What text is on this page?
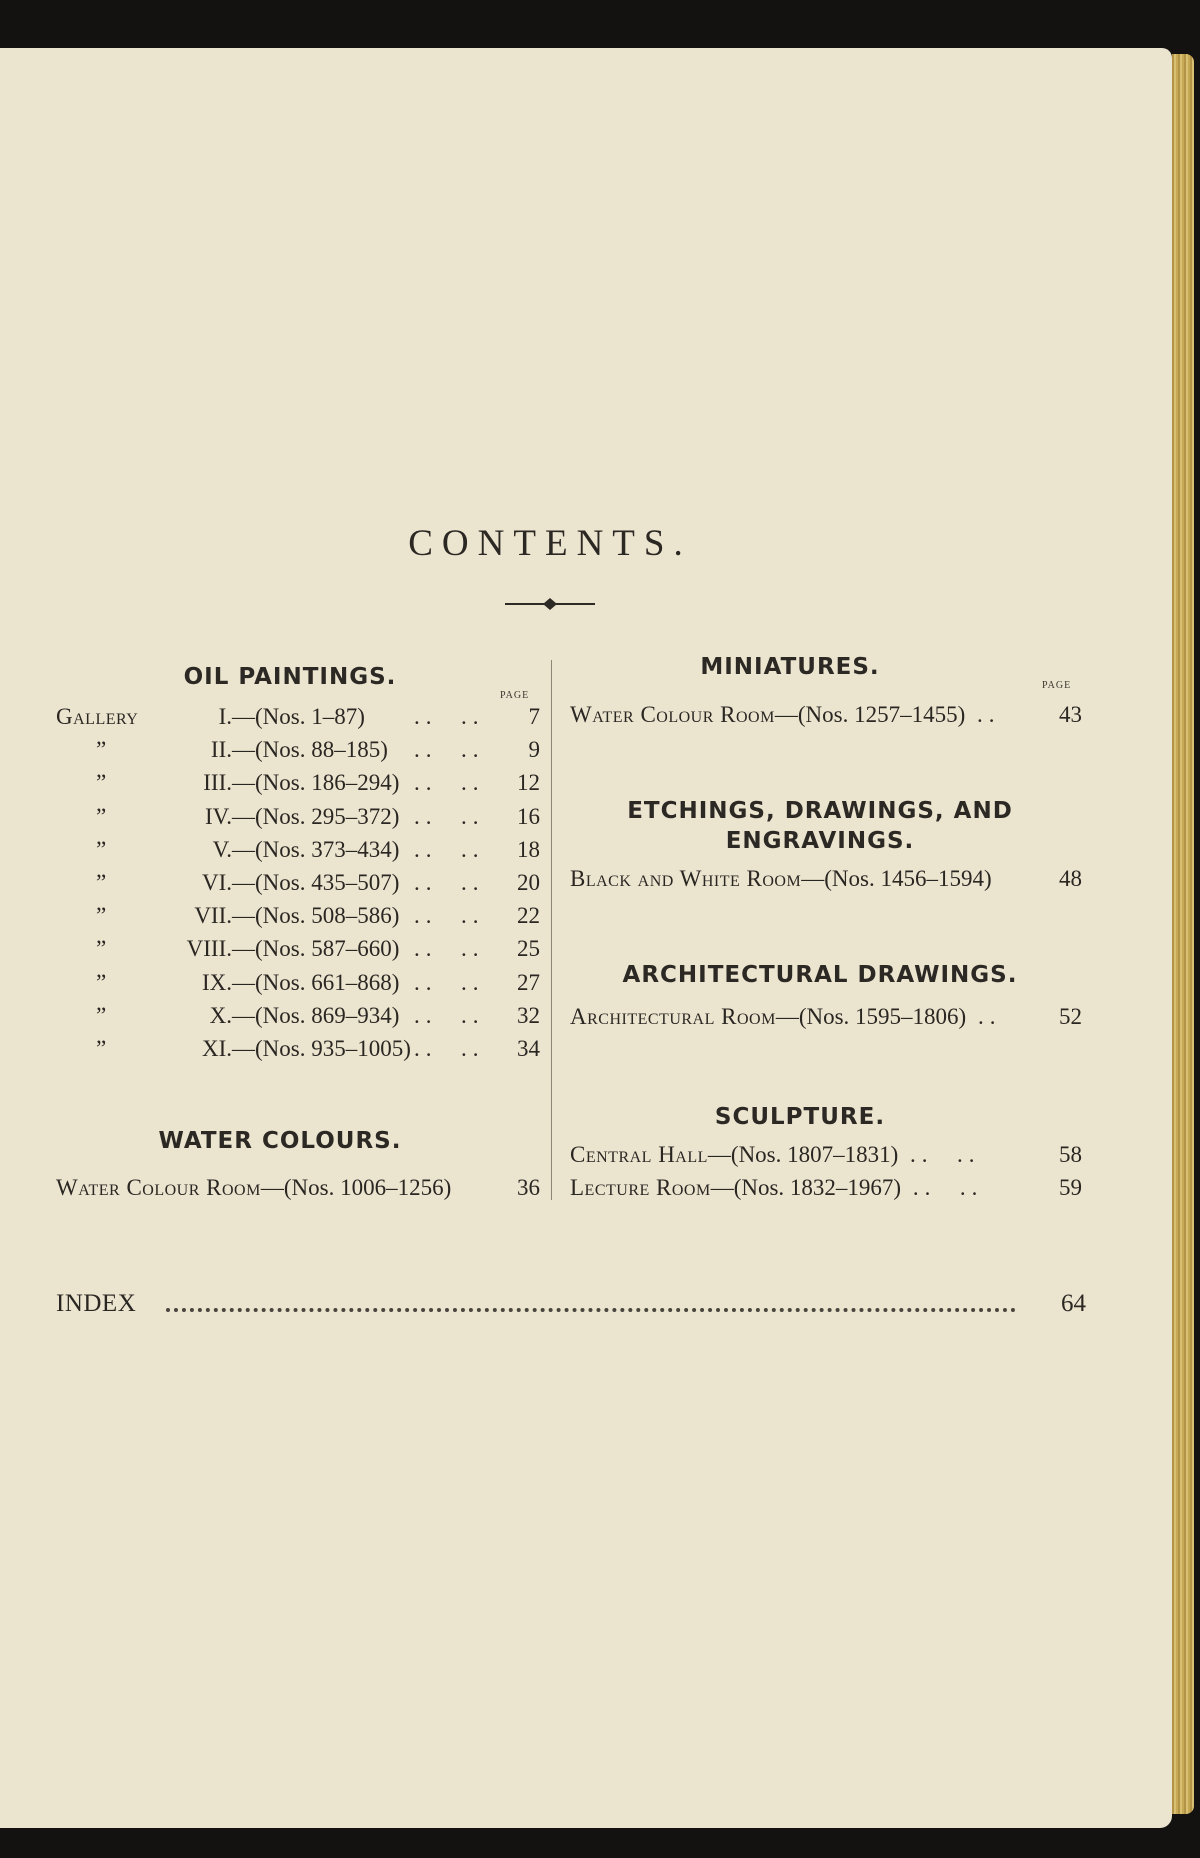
CONTENTS.
OIL PAINTINGS.
PAGE
Gallery	I. —(Nos. 1–87) ..  .. 7
”	II. —(Nos. 88–185) ..  .. 9
”	III. —(Nos. 186–294) ..  .. 12
”	IV. —(Nos. 295–372) ..  .. 16
”	V. —(Nos. 373–434) ..  .. 18
”	VI. —(Nos. 435–507) ..  .. 20
”	VII. —(Nos. 508–586) ..  .. 22
”	VIII. —(Nos. 587–660) ..  .. 25
”	IX. —(Nos. 661–868) ..  .. 27
”	X. —(Nos. 869–934) ..  .. 32
”	XI. —(Nos. 935–1005) ..  .. 34
WATER COLOURS.
Water Colour Room —(Nos. 1006–1256)	36
MINIATURES.
PAGE
Water Colour Room —(Nos. 1257–1455) ..	43
ETCHINGS, DRAWINGS, AND
ENGRAVINGS.
Black and White Room —(Nos. 1456–1594)	48
ARCHITECTURAL DRAWINGS.
Architectural Room —(Nos. 1595–1806) ..	52
SCULPTURE.
Central Hall —(Nos. 1807–1831) ..  ..	58
Lecture Room —(Nos. 1832–1967) ..  ..	59
INDEX	64
